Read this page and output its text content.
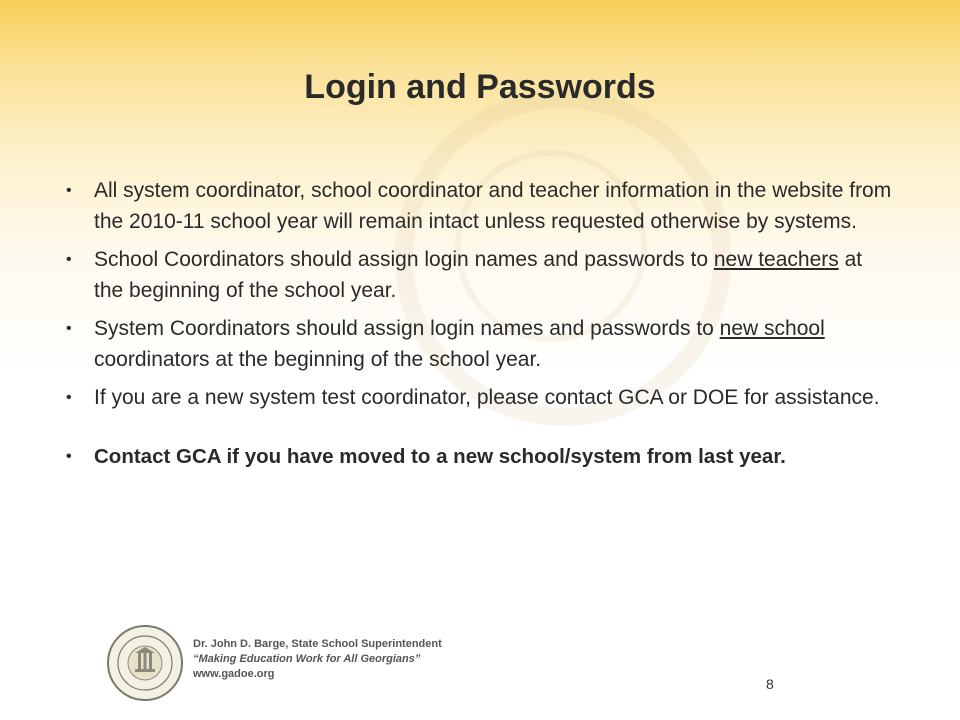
Login and Passwords
• All system coordinator, school coordinator and teacher information in the website from the 2010-11 school year will remain intact unless requested otherwise by systems.
• School Coordinators should assign login names and passwords to new teachers at the beginning of the school year.
• System Coordinators should assign login names and passwords to new school coordinators at the beginning of the school year.
• If you are a new system test coordinator, please contact GCA or DOE for assistance.
• Contact GCA if you have moved to a new school/system from last year.
Dr. John D. Barge, State School Superintendent
“Making Education Work for All Georgians”
www.gadoe.org
8
